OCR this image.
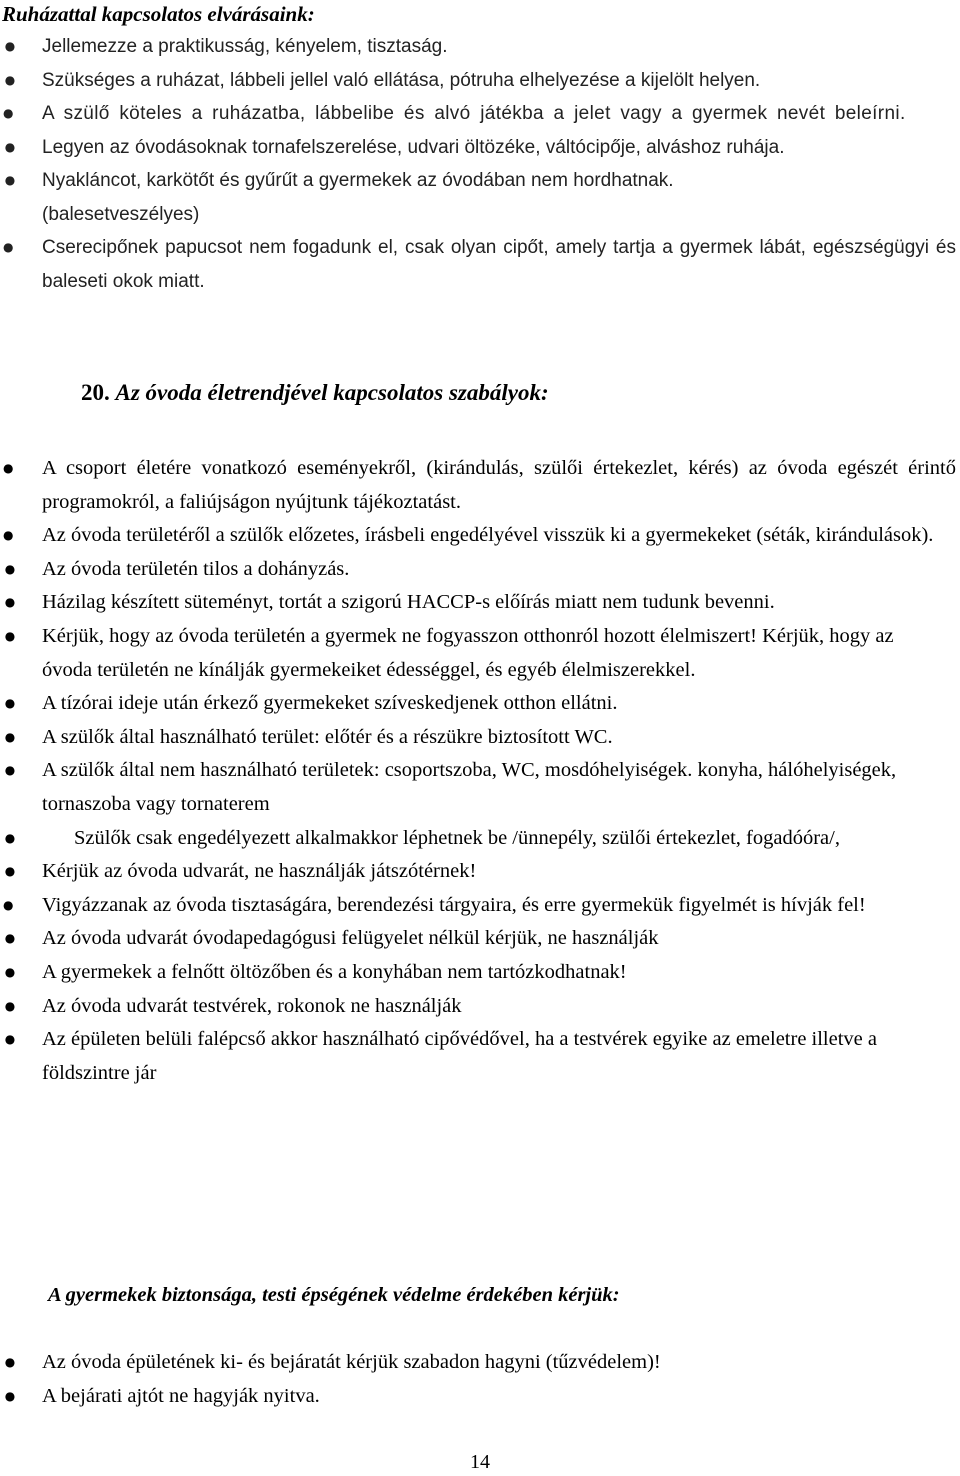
Ruházattal kapcsolatos elvárásaink:
● Jellemezze a praktikusság, kényelem, tisztaság.
● Szükséges a ruházat, lábbeli jellel való ellátása, pótruha elhelyezése a kijelölt helyen.
● A szülő köteles a ruházatba, lábbelibe és alvó játékba a jelet vagy a gyermek nevét beleírni.
● Legyen az óvodásoknak tornafelszerelése, udvari öltözéke, váltócipője, alváshoz ruhája.
● Nyakláncot, karkötőt és gyűrűt a gyermekek az óvodában nem hordhatnak.(balesetveszélyes)
● Cserecipőnek papucsot nem fogadunk el, csak olyan cipőt, amely tartja a gyermek lábát, egészségügyi és baleseti okok miatt.
20. Az óvoda életrendjével kapcsolatos szabályok:
● A csoport életére vonatkozó eseményekről, (kirándulás, szülői értekezlet, kérés) az óvoda egészét érintő programokról, a faliújságon nyújtunk tájékoztatást.
● Az óvoda területéről a szülők előzetes, írásbeli engedélyével visszük ki a gyermekeket (séták, kirándulások).
● Az óvoda területén tilos a dohányzás.
● Házilag készített süteményt, tortát a szigorú HACCP-s előírás miatt nem tudunk bevenni.
● Kérjük, hogy az óvoda területén a gyermek ne fogyasszon otthonról hozott élelmiszert! Kérjük, hogy az óvoda területén ne kínálják gyermekeiket édességgel, és egyéb élelmiszerekkel.
● A tízórai ideje után érkező gyermekeket szíveskedjenek otthon ellátni.
● A szülők által használható terület: előtér és a részükre biztosított WC.
● A szülők által nem használható területek: csoportszoba, WC, mosdóhelyiségek. konyha, hálóhelyiségek, tornaszoba vagy tornaterem
●	Szülők csak engedélyezett alkalmakkor léphetnek be /ünnepély, szülői értekezlet, fogadóóra/,
● Kérjük az óvoda udvarát, ne használják játszótérnek!
● Vigyázzanak az óvoda tisztaságára, berendezési tárgyaira, és erre gyermekük figyelmét is hívják fel!
● Az óvoda udvarát óvodapedagógusi felügyelet nélkül kérjük, ne használják
● A gyermekek a felnőtt öltözőben és a konyhában nem tartózkodhatnak!
● Az óvoda udvarát testvérek, rokonok ne használják
● Az épületen belüli falépcső akkor használható cipővédővel, ha a testvérek egyike az emeletre illetve a földszintre jár
A gyermekek biztonsága, testi épségének védelme érdekében kérjük:
● Az óvoda épületének ki- és bejáratát kérjük szabadon hagyni (tűzvédelem)!
● A bejárati ajtót ne hagyják nyitva.
14
